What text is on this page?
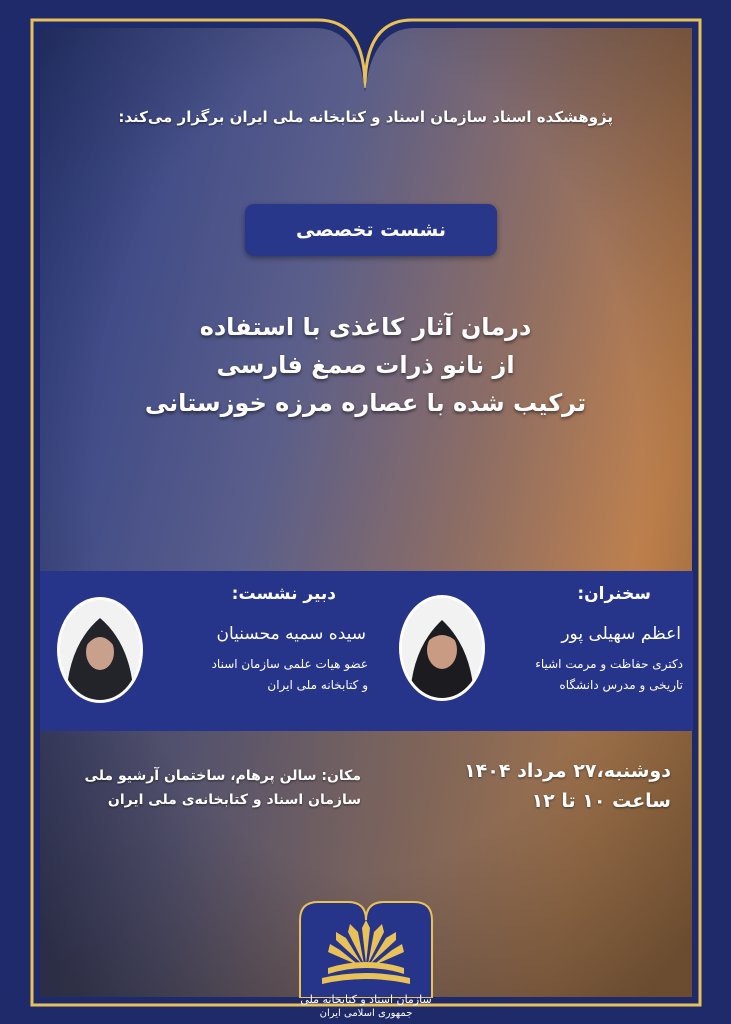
پژوهشکده اسناد سازمان اسناد و کتابخانه ملی ایران برگزار می‌کند:
نشست تخصصی
درمان آثار کاغذی با استفاده
از نانو ذرات صمغ فارسی
ترکیب شده با عصاره مرزه خوزستانی
سخنران:
دبیر نشست:
اعظم سهیلی پور
دکتری حفاظت و مرمت اشیاء
تاریخی و مدرس دانشگاه
سیده سمیه محسنیان
عضو هیات علمی سازمان اسناد
و کتابخانه ملی ایران
دوشنبه،۲۷ مرداد ۱۴۰۴
ساعت ۱۰ تا ۱۲
مکان: سالن پرهام، ساختمان آرشیو ملی
سازمان اسناد و کتابخانه‌ی ملی ایران
سازمان اسناد و کتابخانه ملی
جمهوری اسلامی ایران
